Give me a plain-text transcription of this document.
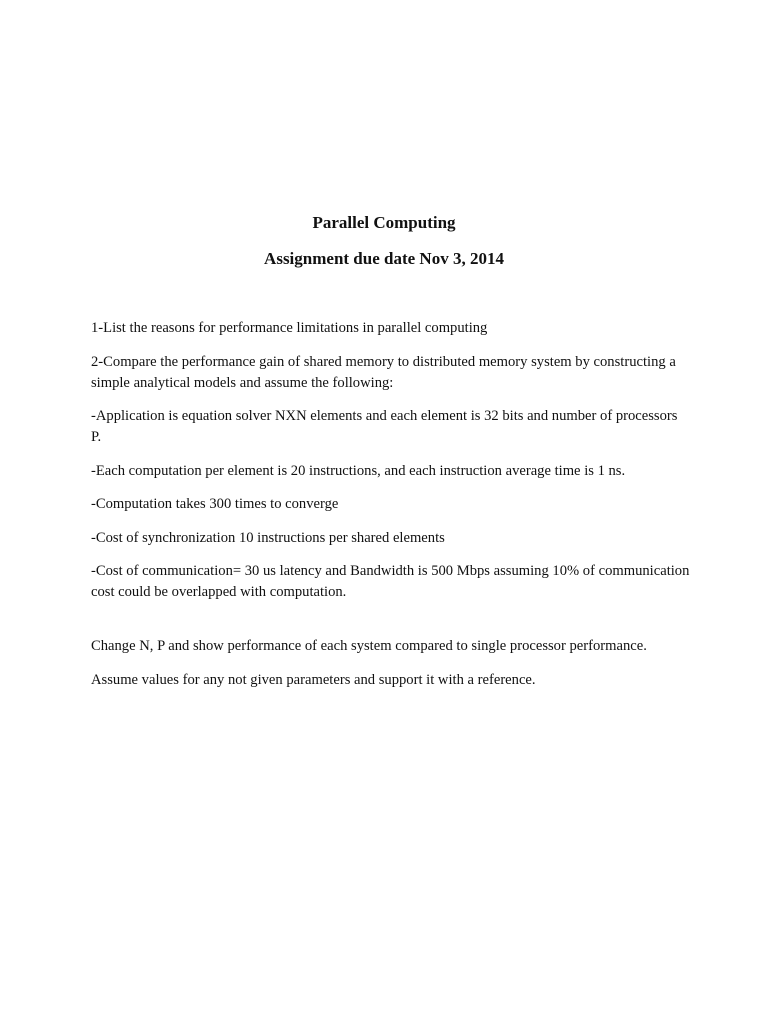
Parallel Computing
Assignment due date Nov 3, 2014

1-List the reasons for performance limitations in parallel computing

2-Compare the performance gain of shared memory to distributed memory system by constructing a simple analytical models and assume the following:

-Application is equation solver NXN elements and each element is 32 bits and number of processors P.

-Each computation per element is 20 instructions, and each instruction average time is 1 ns.

-Computation takes 300 times to converge

-Cost of synchronization 10 instructions per shared elements

-Cost of communication= 30 us latency and Bandwidth is 500 Mbps assuming 10% of communication cost could be overlapped with computation.

Change N, P and show performance of each system compared to single processor performance.

Assume values for any not given parameters and support it with a reference.
